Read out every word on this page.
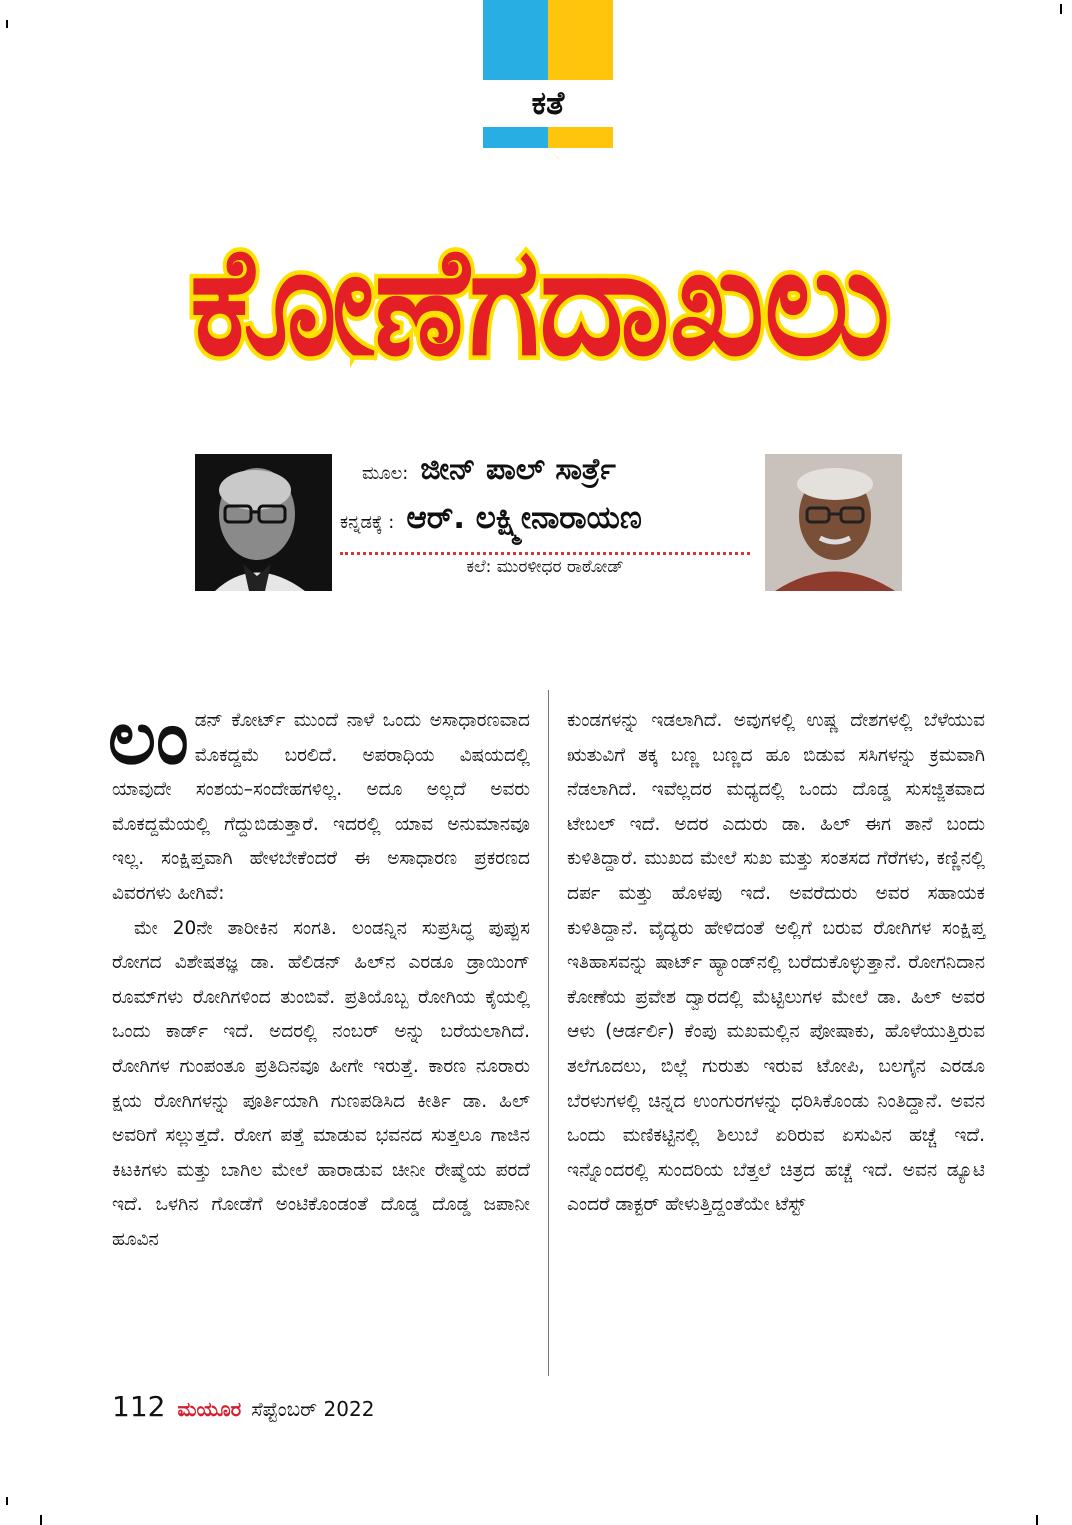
ಕತೆ
ಕೋಣೆಗದಾಖಲು
ಮೂಲ: ಜೀನ್ ಪಾಲ್ ಸಾರ್ತ್ರೆ
ಕನ್ನಡಕ್ಕೆ : ಆರ್. ಲಕ್ಷ್ಮೀನಾರಾಯಣ
ಕಲೆ: ಮುರಳೀಧರ ರಾಠೋಡ್

ಲಂಡನ್ ಕೋರ್ಟ್ ಮುಂದೆ ನಾಳೆ ಒಂದು ಅಸಾಧಾರಣವಾದ ಮೊಕದ್ದಮೆ ಬರಲಿದೆ. ಅಪರಾಧಿಯ ವಿಷಯದಲ್ಲಿ ಯಾವುದೇ ಸಂಶಯ–ಸಂದೇಹಗಳಿಲ್ಲ. ಅದೂ ಅಲ್ಲದೆ ಅವರು ಮೊಕದ್ದಮೆಯಲ್ಲಿ ಗೆದ್ದುಬಿಡುತ್ತಾರೆ. ಇದರಲ್ಲಿ ಯಾವ ಅನುಮಾನವೂ ಇಲ್ಲ. ಸಂಕ್ಷಿಪ್ತವಾಗಿ ಹೇಳಬೇಕೆಂದರೆ ಈ ಅಸಾಧಾರಣ ಪ್ರಕರಣದ ವಿವರಗಳು ಹೀಗಿವೆ:

ಮೇ 20ನೇ ತಾರೀಕಿನ ಸಂಗತಿ. ಲಂಡನ್ನಿನ ಸುಪ್ರಸಿದ್ಧ ಪುಪ್ಪುಸ ರೋಗದ ವಿಶೇಷತಜ್ಞ ಡಾ. ಹೆಲಿಡನ್ ಹಿಲ್‌ನ ಎರಡೂ ಡ್ರಾಯಿಂಗ್ ರೂಮ್‌ಗಳು ರೋಗಿಗಳಿಂದ ತುಂಬಿವೆ. ಪ್ರತಿಯೊಬ್ಬ ರೋಗಿಯ ಕೈಯಲ್ಲಿ ಒಂದು ಕಾರ್ಡ್ ಇದೆ. ಅದರಲ್ಲಿ ನಂಬರ್ ಅನ್ನು ಬರೆಯಲಾಗಿದೆ. ರೋಗಿಗಳ ಗುಂಪಂತೂ ಪ್ರತಿದಿನವೂ ಹೀಗೇ ಇರುತ್ತೆ. ಕಾರಣ ನೂರಾರು ಕ್ಷಯ ರೋಗಿಗಳನ್ನು ಪೂರ್ತಿಯಾಗಿ ಗುಣಪಡಿಸಿದ ಕೀರ್ತಿ ಡಾ. ಹಿಲ್ ಅವರಿಗೆ ಸಲ್ಲುತ್ತದೆ. ರೋಗ ಪತ್ತೆ ಮಾಡುವ ಭವನದ ಸುತ್ತಲೂ ಗಾಜಿನ ಕಿಟಕಿಗಳು ಮತ್ತು ಬಾಗಿಲ ಮೇಲೆ ಹಾರಾಡುವ ಚೀನೀ ರೇಷ್ಮೆಯ ಪರದೆ ಇದೆ. ಒಳಗಿನ ಗೋಡೆಗೆ ಅಂಟಿಕೊಂಡಂತೆ ದೊಡ್ಡ ದೊಡ್ಡ ಜಪಾನೀ ಹೂವಿನ

ಕುಂಡಗಳನ್ನು ಇಡಲಾಗಿದೆ. ಅವುಗಳಲ್ಲಿ ಉಷ್ಣ ದೇಶಗಳಲ್ಲಿ ಬೆಳೆಯುವ ಋತುವಿಗೆ ತಕ್ಕ ಬಣ್ಣ ಬಣ್ಣದ ಹೂ ಬಿಡುವ ಸಸಿಗಳನ್ನು ಕ್ರಮವಾಗಿ ನೆಡಲಾಗಿದೆ. ಇವೆಲ್ಲದರ ಮಧ್ಯದಲ್ಲಿ ಒಂದು ದೊಡ್ಡ ಸುಸಜ್ಜಿತವಾದ ಟೇಬಲ್ ಇದೆ. ಅದರ ಎದುರು ಡಾ. ಹಿಲ್ ಈಗ ತಾನೆ ಬಂದು ಕುಳಿತಿದ್ದಾರೆ. ಮುಖದ ಮೇಲೆ ಸುಖ ಮತ್ತು ಸಂತಸದ ಗೆರೆಗಳು, ಕಣ್ಣಿನಲ್ಲಿ ದರ್ಪ ಮತ್ತು ಹೊಳಪು ಇದೆ. ಅವರೆದುರು ಅವರ ಸಹಾಯಕ ಕುಳಿತಿದ್ದಾನೆ. ವೈದ್ಯರು ಹೇಳಿದಂತೆ ಅಲ್ಲಿಗೆ ಬರುವ ರೋಗಿಗಳ ಸಂಕ್ಷಿಪ್ತ ಇತಿಹಾಸವನ್ನು ಷಾರ್ಟ್ ಹ್ಯಾಂಡ್‌ನಲ್ಲಿ ಬರೆದುಕೊಳ್ಳುತ್ತಾನೆ. ರೋಗನಿದಾನ ಕೋಣೆಯ ಪ್ರವೇಶ ದ್ವಾರದಲ್ಲಿ ಮೆಟ್ಟಿಲುಗಳ ಮೇಲೆ ಡಾ. ಹಿಲ್ ಅವರ ಆಳು (ಆರ್ಡರ್ಲಿ) ಕೆಂಪು ಮಖಮಲ್ಲಿನ ಪೋಷಾಕು, ಹೊಳೆಯುತ್ತಿರುವ ತಲೆಗೂದಲು, ಬಿಲ್ಲೆ ಗುರುತು ಇರುವ ಟೋಪಿ, ಬಲಗೈನ ಎರಡೂ ಬೆರಳುಗಳಲ್ಲಿ ಚಿನ್ನದ ಉಂಗುರಗಳನ್ನು ಧರಿಸಿಕೊಂಡು ನಿಂತಿದ್ದಾನೆ. ಅವನ ಒಂದು ಮಣಿಕಟ್ಟಿನಲ್ಲಿ ಶಿಲುಬೆ ಏರಿರುವ ಏಸುವಿನ ಹಚ್ಚೆ ಇದೆ. ಇನ್ನೊಂದರಲ್ಲಿ ಸುಂದರಿಯ ಬೆತ್ತಲೆ ಚಿತ್ರದ ಹಚ್ಚೆ ಇದೆ. ಅವನ ಡ್ಯೂಟಿ ಎಂದರೆ ಡಾಕ್ಟರ್ ಹೇಳುತ್ತಿದ್ದಂತೆಯೇ ಟೆಸ್ಟ್

112 ಮಯೂರ ಸೆಪ್ಟೆಂಬರ್ 2022
